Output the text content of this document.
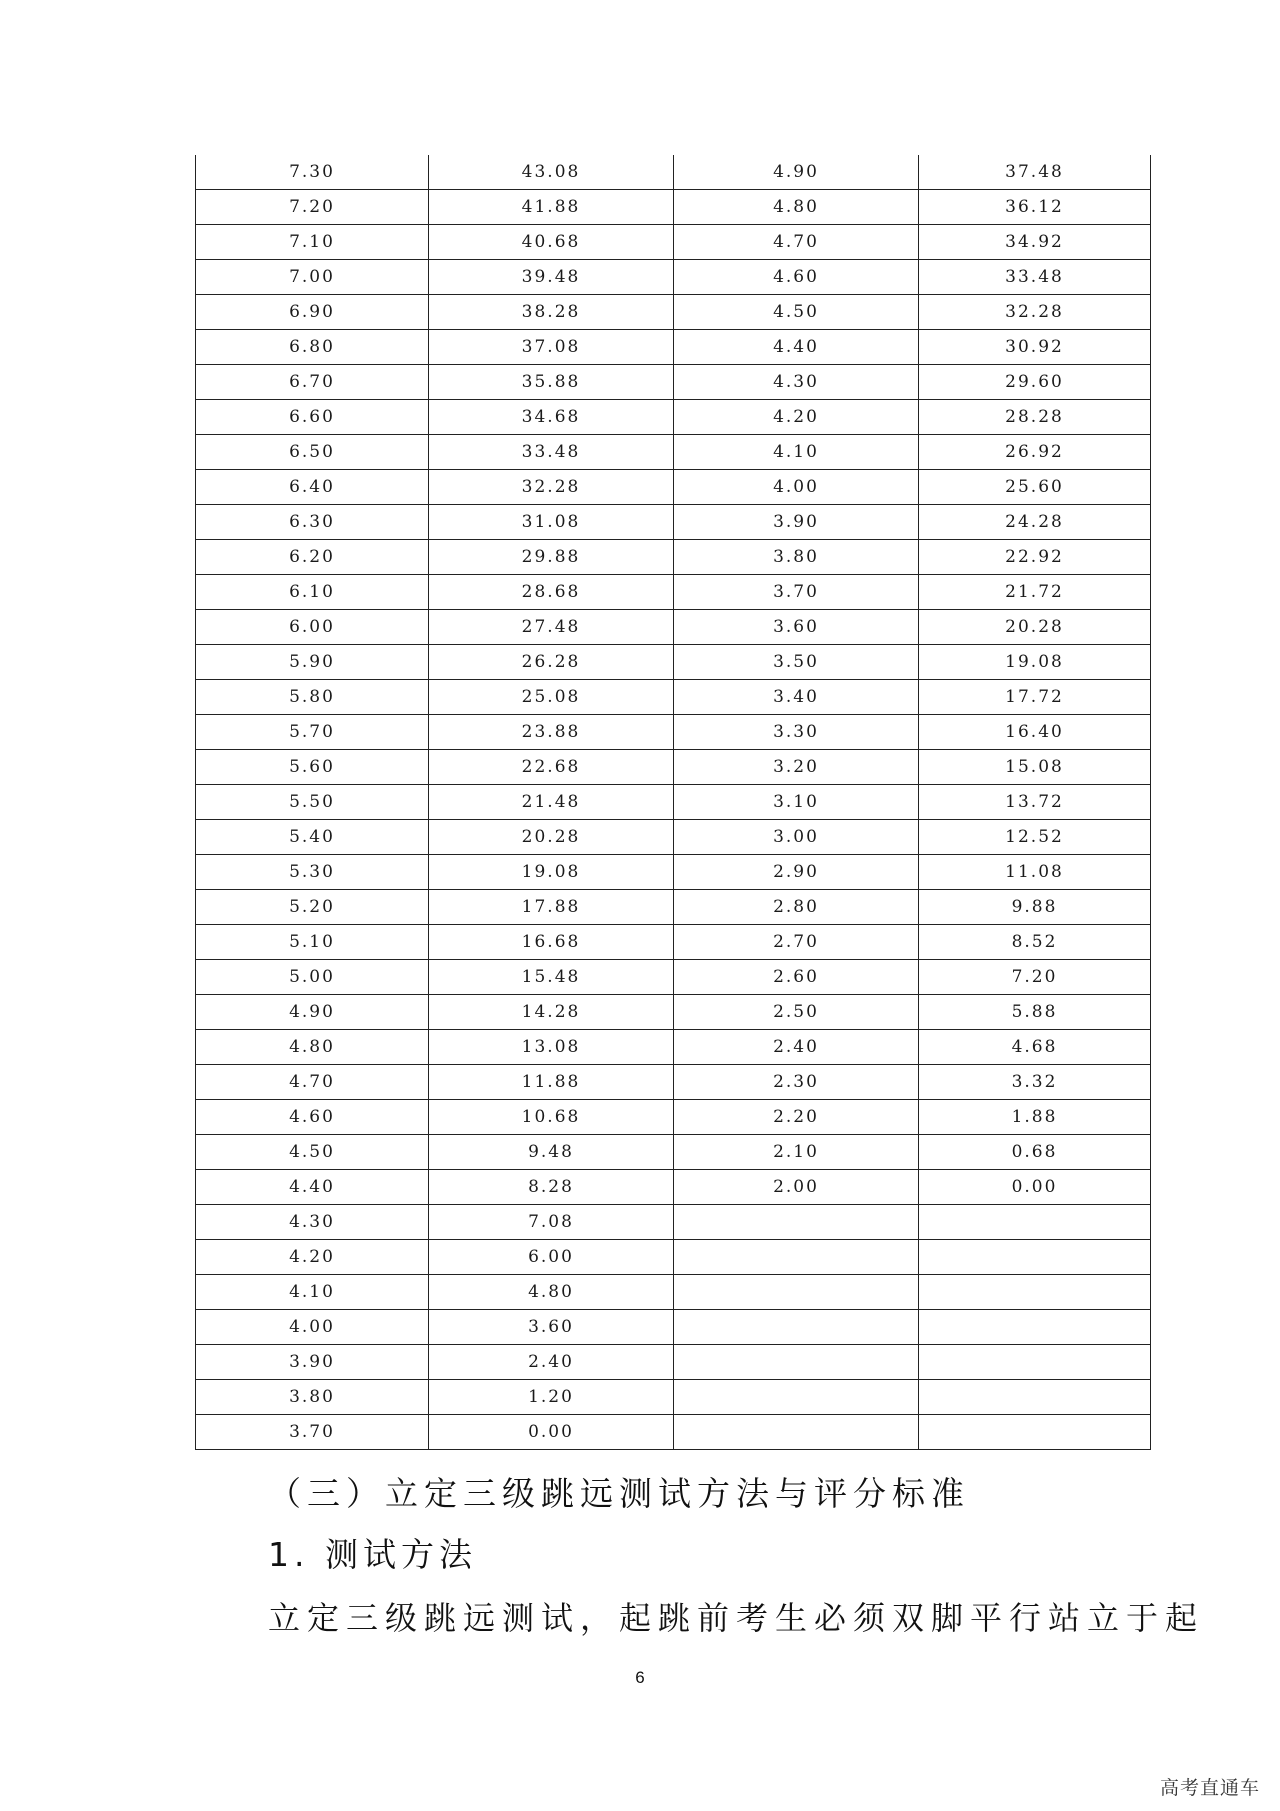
7.30	43.08	4.90	37.48
7.20	41.88	4.80	36.12
7.10	40.68	4.70	34.92
7.00	39.48	4.60	33.48
6.90	38.28	4.50	32.28
6.80	37.08	4.40	30.92
6.70	35.88	4.30	29.60
6.60	34.68	4.20	28.28
6.50	33.48	4.10	26.92
6.40	32.28	4.00	25.60
6.30	31.08	3.90	24.28
6.20	29.88	3.80	22.92
6.10	28.68	3.70	21.72
6.00	27.48	3.60	20.28
5.90	26.28	3.50	19.08
5.80	25.08	3.40	17.72
5.70	23.88	3.30	16.40
5.60	22.68	3.20	15.08
5.50	21.48	3.10	13.72
5.40	20.28	3.00	12.52
5.30	19.08	2.90	11.08
5.20	17.88	2.80	9.88
5.10	16.68	2.70	8.52
5.00	15.48	2.60	7.20
4.90	14.28	2.50	5.88
4.80	13.08	2.40	4.68
4.70	11.88	2.30	3.32
4.60	10.68	2.20	1.88
4.50	9.48	2.10	0.68
4.40	8.28	2.00	0.00
4.30	7.08		
4.20	6.00		
4.10	4.80		
4.00	3.60		
3.90	2.40		
3.80	1.20		
3.70	0.00		
（三）立定三级跳远测试方法与评分标准
1. 测试方法

立定三级跳远测试，起跳前考生必须双脚平行站立于起

6
高考直通车
